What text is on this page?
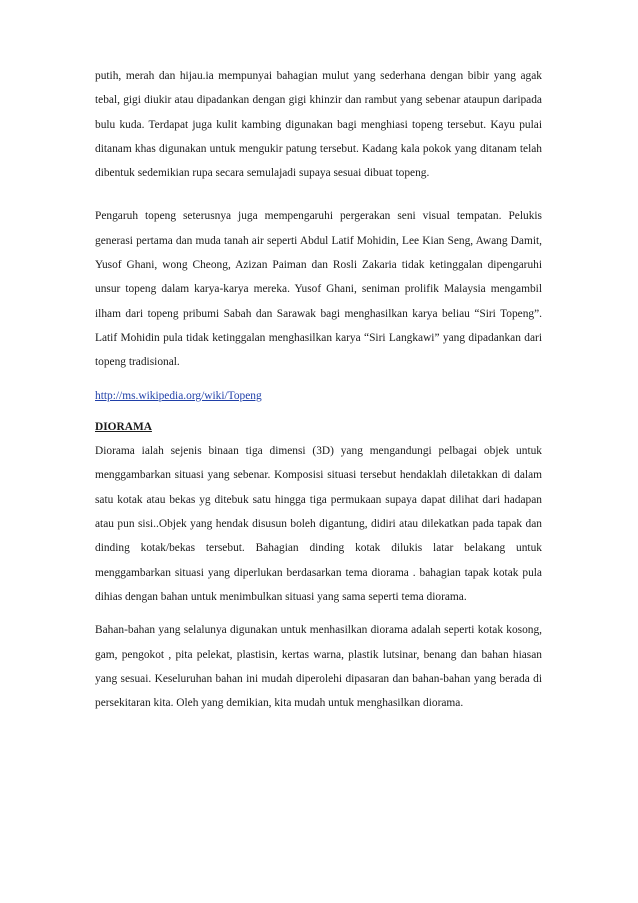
putih, merah dan hijau.ia mempunyai bahagian mulut yang sederhana dengan bibir yang agak tebal, gigi diukir atau dipadankan dengan gigi khinzir dan rambut yang sebenar ataupun daripada bulu kuda. Terdapat juga kulit kambing digunakan bagi menghiasi topeng tersebut. Kayu pulai ditanam khas digunakan untuk mengukir patung tersebut. Kadang kala pokok yang ditanam telah dibentuk sedemikian rupa secara semulajadi supaya sesuai dibuat topeng.

Pengaruh topeng seterusnya juga mempengaruhi pergerakan seni visual tempatan. Pelukis generasi pertama dan muda tanah air seperti Abdul Latif Mohidin, Lee Kian Seng, Awang Damit, Yusof Ghani, wong Cheong, Azizan Paiman dan Rosli Zakaria tidak ketinggalan dipengaruhi unsur topeng dalam karya-karya mereka. Yusof Ghani, seniman prolifik Malaysia mengambil ilham dari topeng pribumi Sabah dan Sarawak bagi menghasilkan karya beliau “Siri Topeng”. Latif Mohidin pula tidak ketinggalan menghasilkan karya “Siri Langkawi” yang dipadankan dari topeng tradisional.

http://ms.wikipedia.org/wiki/Topeng

DIORAMA

Diorama ialah sejenis binaan tiga dimensi (3D) yang mengandungi pelbagai objek untuk menggambarkan situasi yang sebenar. Komposisi situasi tersebut hendaklah diletakkan di dalam satu kotak atau bekas yg ditebuk satu hingga tiga permukaan supaya dapat dilihat dari hadapan atau pun sisi..Objek yang hendak disusun boleh digantung, didiri atau dilekatkan pada tapak dan dinding kotak/bekas tersebut. Bahagian dinding kotak dilukis latar belakang untuk menggambarkan situasi yang diperlukan berdasarkan tema diorama . bahagian tapak kotak pula dihias dengan bahan untuk menimbulkan situasi yang sama seperti tema diorama.

Bahan-bahan yang selalunya digunakan untuk menhasilkan diorama adalah seperti kotak kosong, gam, pengokot , pita pelekat, plastisin, kertas warna, plastik lutsinar, benang dan bahan hiasan yang sesuai. Keseluruhan bahan ini mudah diperolehi dipasaran dan bahan-bahan yang berada di persekitaran kita. Oleh yang demikian, kita mudah untuk menghasilkan diorama.
